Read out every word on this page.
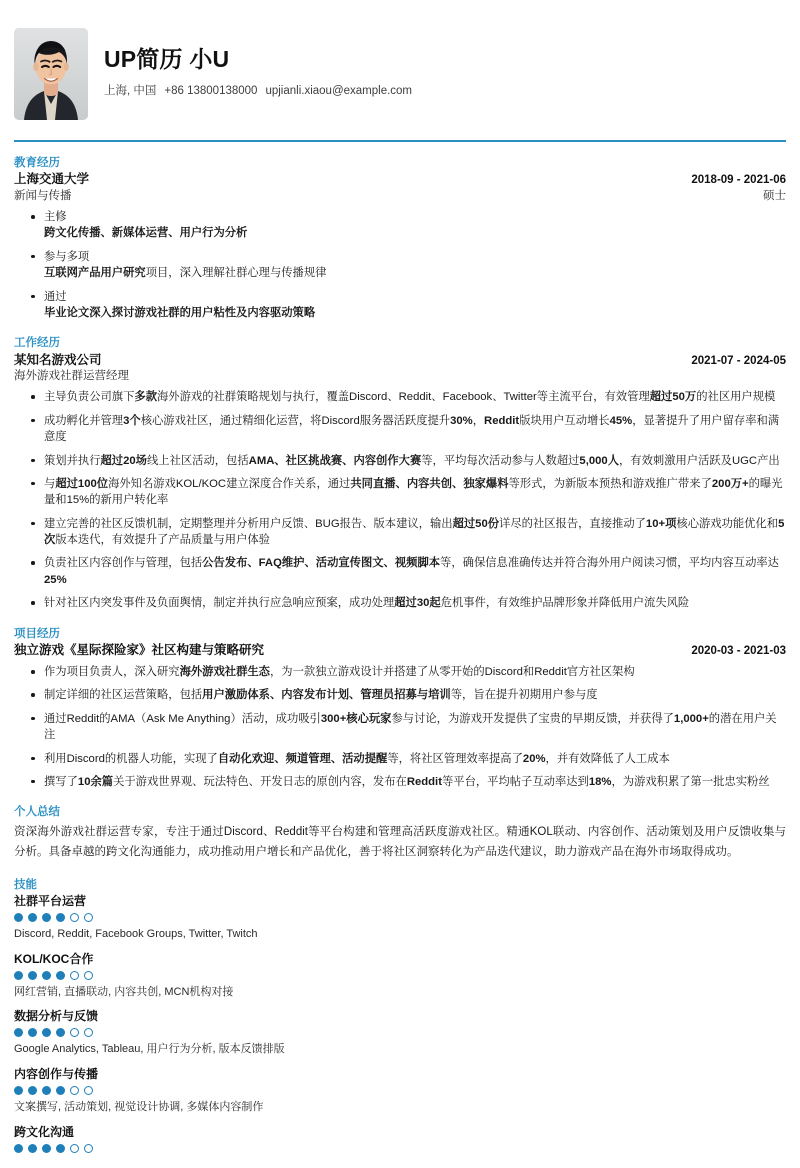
UP简历 小U
上海, 中国 +86 13800138000 upjianli.xiaou@example.com
教育经历
上海交通大学	2018-09 - 2021-06
新闻与传播	硕士
主修
跨文化传播、新媒体运营、用户行为分析
参与多项
互联网产品用户研究项目，深入理解社群心理与传播规律
通过
毕业论文深入探讨游戏社群的用户粘性及内容驱动策略
工作经历
某知名游戏公司	2021-07 - 2024-05
海外游戏社群运营经理
主导负责公司旗下多款海外游戏的社群策略规划与执行，覆盖Discord、Reddit、Facebook、Twitter等主流平台，有效管理超过50万的社区用户规模
成功孵化并管理3个核心游戏社区，通过精细化运营，将Discord服务器活跃度提升30%，Reddit版块用户互动增长45%，显著提升了用户留存率和满意度
策划并执行超过20场线上社区活动，包括AMA、社区挑战赛、内容创作大赛等，平均每次活动参与人数超过5,000人，有效刺激用户活跃及UGC产出
与超过100位海外知名游戏KOL/KOC建立深度合作关系，通过共同直播、内容共创、独家爆料等形式，为新版本预热和游戏推广带来了200万+的曝光量和15%的新用户转化率
建立完善的社区反馈机制，定期整理并分析用户反馈、BUG报告、版本建议，输出超过50份详尽的社区报告，直接推动了10+项核心游戏功能优化和5次版本迭代，有效提升了产品质量与用户体验
负责社区内容创作与管理，包括公告发布、FAQ维护、活动宣传图文、视频脚本等，确保信息准确传达并符合海外用户阅读习惯，平均内容互动率达25%
针对社区内突发事件及负面舆情，制定并执行应急响应预案，成功处理超过30起危机事件，有效维护品牌形象并降低用户流失风险
项目经历
独立游戏《星际探险家》社区构建与策略研究	2020-03 - 2021-03
作为项目负责人，深入研究海外游戏社群生态，为一款独立游戏设计并搭建了从零开始的Discord和Reddit官方社区架构
制定详细的社区运营策略，包括用户激励体系、内容发布计划、管理员招募与培训等，旨在提升初期用户参与度
通过Reddit的AMA（Ask Me Anything）活动，成功吸引300+核心玩家参与讨论，为游戏开发提供了宝贵的早期反馈，并获得了1,000+的潜在用户关注
利用Discord的机器人功能，实现了自动化欢迎、频道管理、活动提醒等，将社区管理效率提高了20%，并有效降低了人工成本
撰写了10余篇关于游戏世界观、玩法特色、开发日志的原创内容，发布在Reddit等平台，平均帖子互动率达到18%，为游戏积累了第一批忠实粉丝
个人总结
资深海外游戏社群运营专家，专注于通过Discord、Reddit等平台构建和管理高活跃度游戏社区。精通KOL联动、内容创作、活动策划及用户反馈收集与分析。具备卓越的跨文化沟通能力，成功推动用户增长和产品优化，善于将社区洞察转化为产品迭代建议，助力游戏产品在海外市场取得成功。
技能
社群平台运营
Discord, Reddit, Facebook Groups, Twitter, Twitch
KOL/KOC合作
网红营销, 直播联动, 内容共创, MCN机构对接
数据分析与反馈
Google Analytics, Tableau, 用户行为分析, 版本反馈排版
内容创作与传播
文案撰写, 活动策划, 视觉设计协调, 多媒体内容制作
跨文化沟通
